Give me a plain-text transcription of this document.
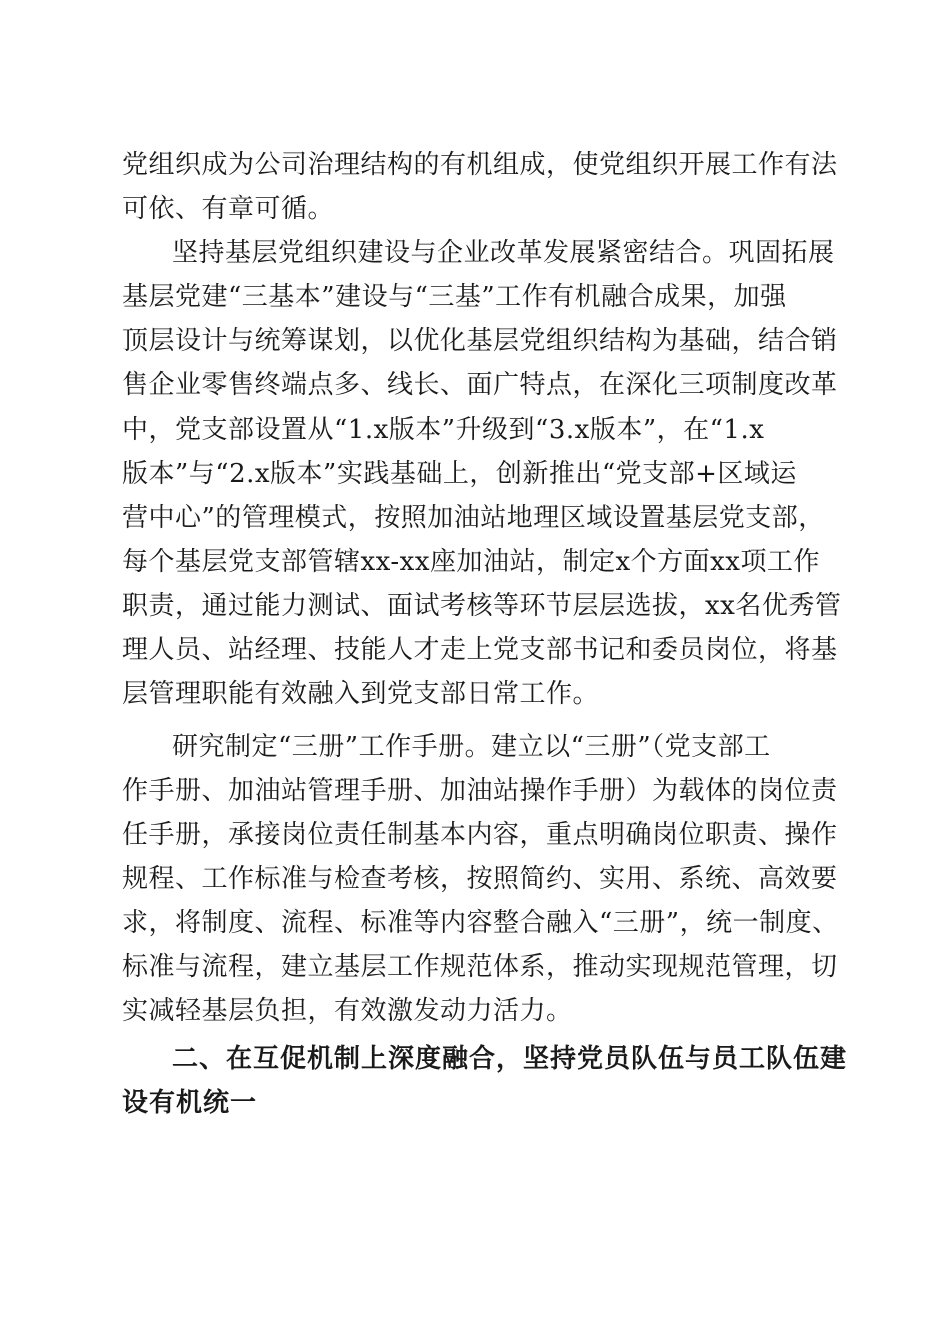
党组织成为公司治理结构的有机组成，使党组织开展工作有法
可依、有章可循。
坚持基层党组织建设与企业改革发展紧密结合。巩固拓展
基层党建“三基本”建设与“三基”工作有机融合成果，加强
顶层设计与统筹谋划，以优化基层党组织结构为基础，结合销
售企业零售终端点多、线长、面广特点，在深化三项制度改革
中，党支部设置从“1.x版本”升级到“3.x版本”，在“1.x
版本”与“2.x版本”实践基础上，创新推出“党支部+区域运
营中心”的管理模式，按照加油站地理区域设置基层党支部，
每个基层党支部管辖xx-xx座加油站，制定x个方面xx项工作
职责，通过能力测试、面试考核等环节层层选拔，xx名优秀管
理人员、站经理、技能人才走上党支部书记和委员岗位，将基
层管理职能有效融入到党支部日常工作。
研究制定“三册”工作手册。建立以“三册”（党支部工
作手册、加油站管理手册、加油站操作手册）为载体的岗位责
任手册，承接岗位责任制基本内容，重点明确岗位职责、操作
规程、工作标准与检查考核，按照简约、实用、系统、高效要
求，将制度、流程、标准等内容整合融入“三册”，统一制度、
标准与流程，建立基层工作规范体系，推动实现规范管理，切
实减轻基层负担，有效激发动力活力。
二、在互促机制上深度融合，坚持党员队伍与员工队伍建
设有机统一
